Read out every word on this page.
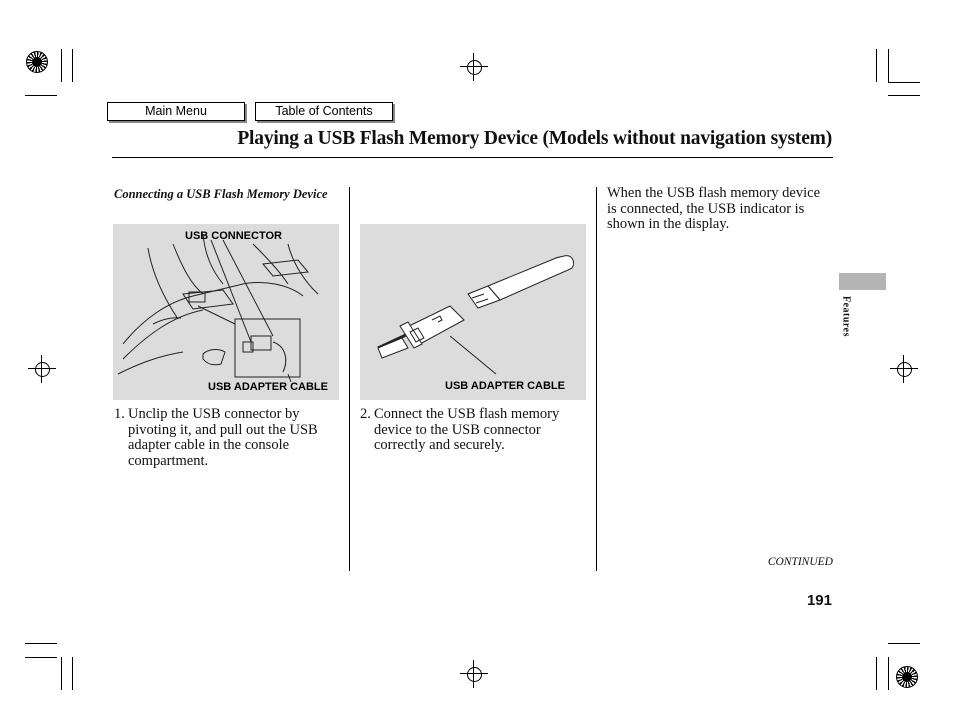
Main Menu	Table of Contents
Playing a USB Flash Memory Device (Models without navigation system)
Connecting a USB Flash Memory Device
USB CONNECTOR
USB ADAPTER CABLE
1. Unclip the USB connector by
pivoting it, and pull out the USB
adapter cable in the console
compartment.
USB ADAPTER CABLE
2. Connect the USB flash memory
device to the USB connector
correctly and securely.
When the USB flash memory device
is connected, the USB indicator is
shown in the display.
Features
CONTINUED
191
